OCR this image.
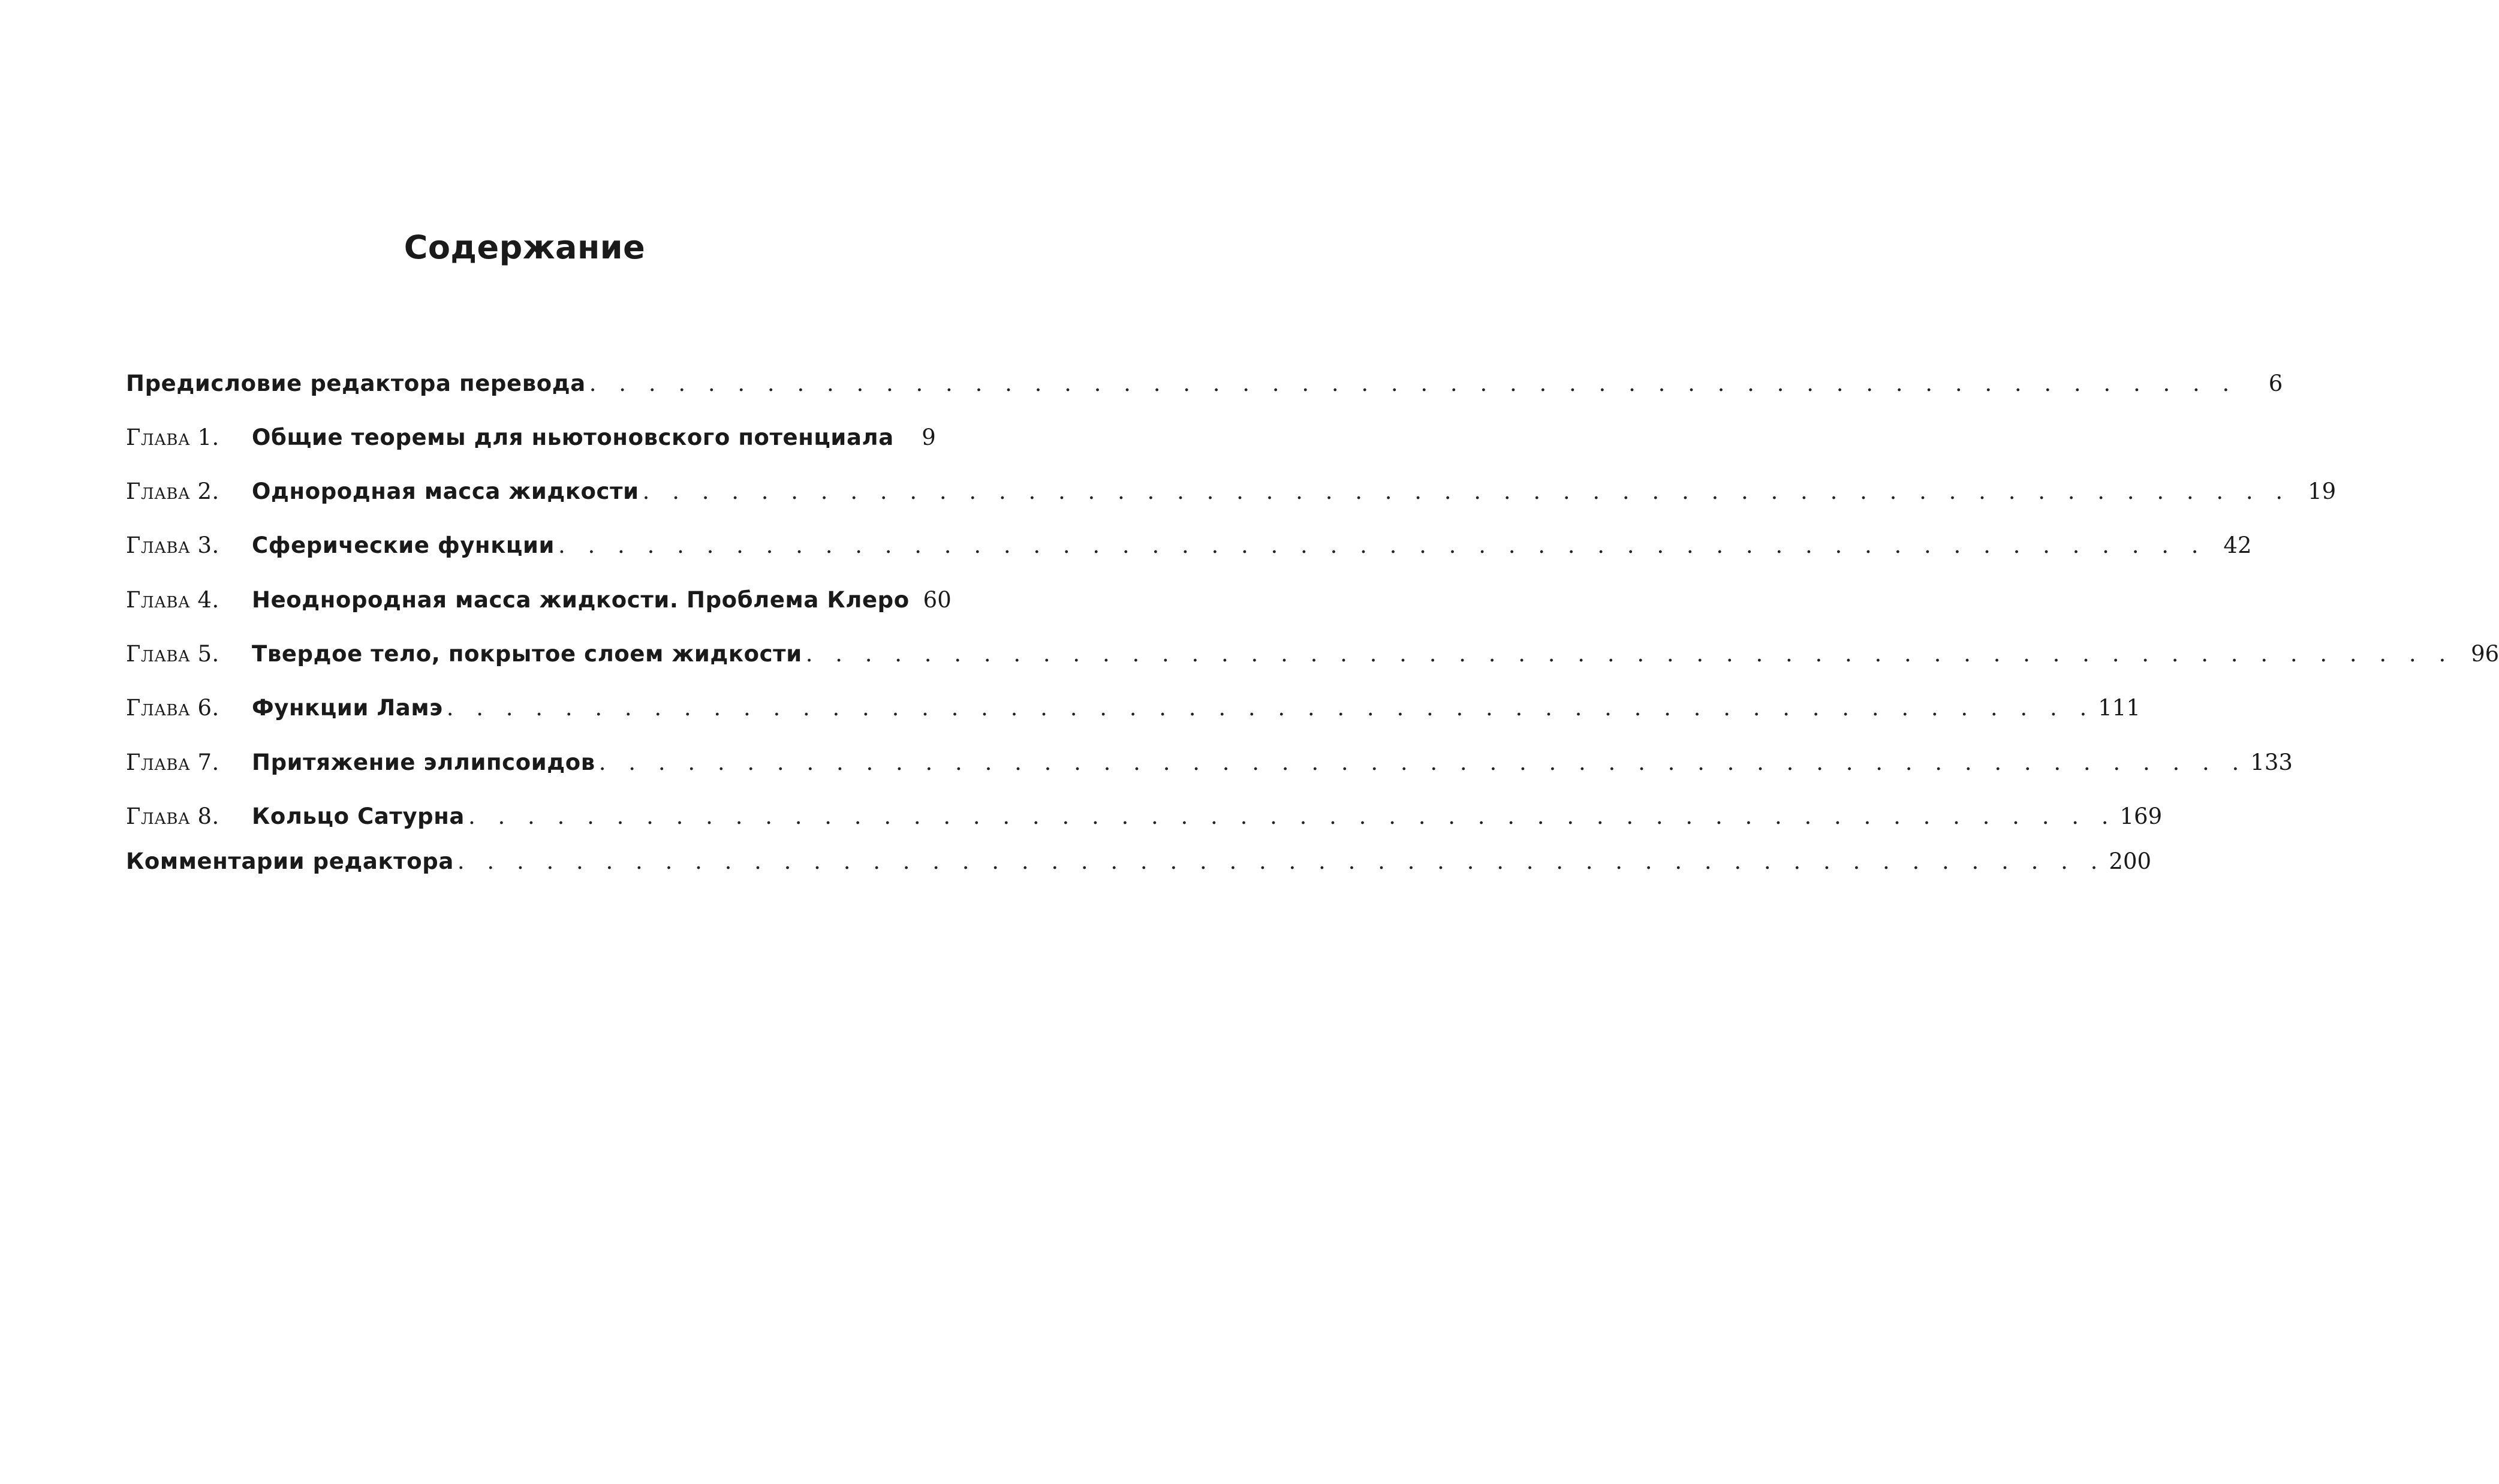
Содержание
Предисловие редактора перевода . . . . . . . . . . . . . . . . . . . . . . . . . . . . . . . . . . . . . . . . . . . . . . . . . . . . . . . .	6
Глава 1.	Общие теоремы для ньютоновского потенциала	9
Глава 2.	Однородная масса жидкости . . . . . . . . . . . . . . . . . . . . . . . . . . . . . . . . . . . . . . . . . . . . . . . . . . . . . . . . 19
Глава 3.	Сферические функции . . . . . . . . . . . . . . . . . . . . . . . . . . . . . . . . . . . . . . . . . . . . . . . . . . . . . . . . 42
Глава 4.	Неоднородная масса жидкости. Проблема Клеро 60
Глава 5.	Твердое тело, покрытое слоем жидкости . . . . . . . . . . . . . . . . . . . . . . . . . . . . . . . . . . . . . . . . . . . . . . . . . . . . . . . . 96
Глава 6.	Функции Ламэ . . . . . . . . . . . . . . . . . . . . . . . . . . . . . . . . . . . . . . . . . . . . . . . . . . . . . . . . 111
Глава 7.	Притяжение эллипсоидов . . . . . . . . . . . . . . . . . . . . . . . . . . . . . . . . . . . . . . . . . . . . . . . . . . . . . . . . 133
Глава 8.	Кольцо Сатурна . . . . . . . . . . . . . . . . . . . . . . . . . . . . . . . . . . . . . . . . . . . . . . . . . . . . . . . . 169
Комментарии редактора . . . . . . . . . . . . . . . . . . . . . . . . . . . . . . . . . . . . . . . . . . . . . . . . . . . . . . . . 200
